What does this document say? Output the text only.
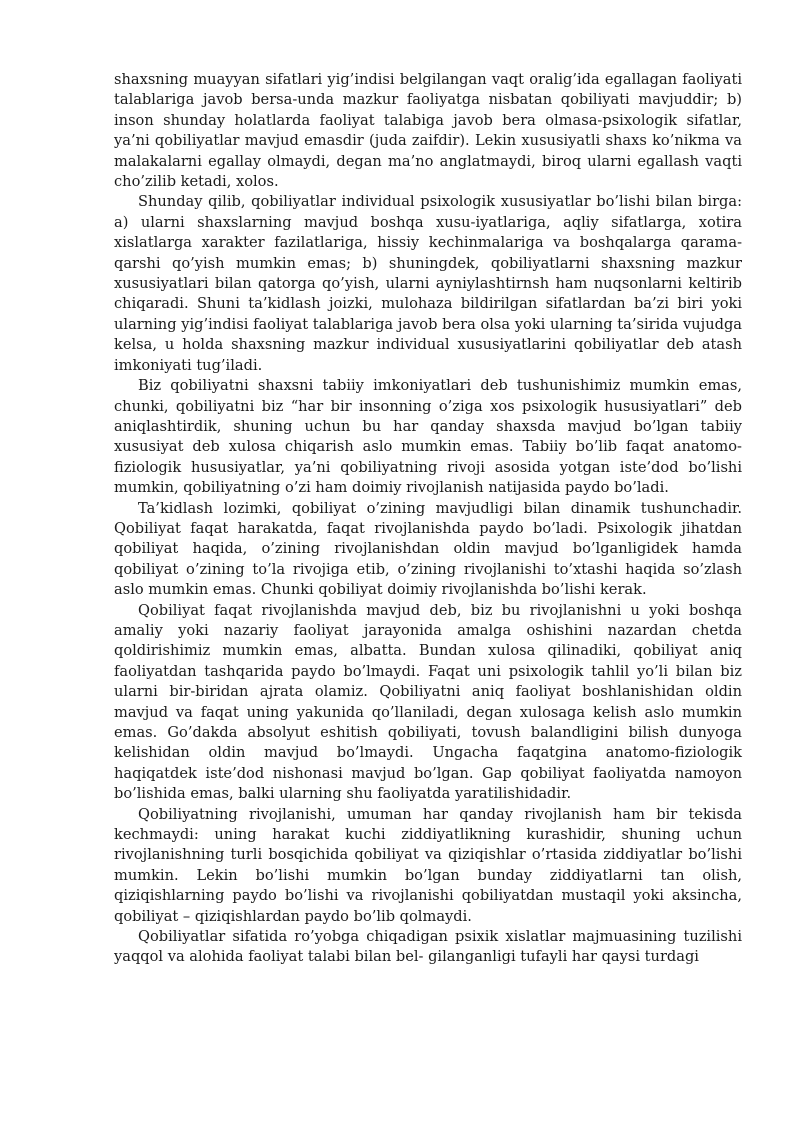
shaxsning muayyan sifatlari yig’indisi belgilangan vaqt oralig’ida egallagan faoliyati talablariga javob bersa-unda mazkur faoliyatga nisbatan qobiliyati mavjuddir; b) inson shunday holatlarda faoliyat talabiga javob bera olmasa-psixologik sifatlar, ya’ni qobiliyatlar mavjud emasdir (juda zaifdir). Lekin xususiyatli shaxs ko’nikma va malakalarni egallay olmaydi, degan ma’no anglatmaydi, biroq ularni egallash vaqti cho’zilib ketadi, xolos.

Shunday qilib, qobiliyatlar individual psixologik xususiyatlar bo’lishi bilan birga: a) ularni shaxslarning mavjud boshqa xusu-iyatlariga, aqliy sifatlarga, xotira xislatlarga xarakter fazilatlariga, hissiy kechinmalariga va boshqalarga qarama-qarshi qo’yish mumkin emas; b) shuningdek, qobiliyatlarni shaxsning mazkur xususiyatlari bilan qatorga qo’yish, ularni ayniylashtirnsh ham nuqsonlarni keltirib chiqaradi. Shuni ta’kidlash joizki, mulohaza bildirilgan sifatlardan ba’zi biri yoki ularning yig’indisi faoliyat talablariga javob bera olsa yoki ularning ta’sirida vujudga kelsa, u holda shaxsning mazkur individual xususiyatlarini qobiliyatlar deb atash imkoniyati tug’iladi.

Biz qobiliyatni shaxsni tabiiy imkoniyatlari deb tushunishimiz mumkin emas, chunki, qobiliyatni biz “har bir insonning o’ziga xos psixologik hususiyatlari” deb aniqlashtirdik, shuning uchun bu har qanday shaxsda mavjud bo’lgan tabiiy xususiyat deb xulosa chiqarish aslo mumkin emas. Tabiiy bo’lib faqat anatomo-fiziologik hususiyatlar, ya’ni qobiliyatning rivoji asosida yotgan iste’dod bo’lishi mumkin, qobiliyatning o’zi ham doimiy rivojlanish natijasida paydo bo’ladi.

Ta’kidlash lozimki, qobiliyat o’zining mavjudligi bilan dinamik tushunchadir. Qobiliyat faqat harakatda, faqat rivojlanishda paydo bo’ladi. Psixologik jihatdan qobiliyat haqida, o’zining rivojlanishdan oldin mavjud bo’lganligidek hamda qobiliyat o’zining to’la rivojiga etib, o’zining rivojlanishi to’xtashi haqida so’zlash aslo mumkin emas. Chunki qobiliyat doimiy rivojlanishda bo’lishi kerak.

Qobiliyat faqat rivojlanishda mavjud deb, biz bu rivojlanishni u yoki boshqa amaliy yoki nazariy faoliyat jarayonida amalga oshishini nazardan chetda qoldirishimiz mumkin emas, albatta. Bundan xulosa qilinadiki, qobiliyat aniq faoliyatdan tashqarida paydo bo’lmaydi. Faqat uni psixologik tahlil yo’li bilan biz ularni bir-biridan ajrata olamiz. Qobiliyatni aniq faoliyat boshlanishidan oldin mavjud va faqat uning yakunida qo’llaniladi, degan xulosaga kelish aslo mumkin emas. Go’dakda absolyut eshitish qobiliyati, tovush balandligini bilish dunyoga kelishidan oldin mavjud bo’lmaydi. Ungacha faqatgina anatomo-fiziologik haqiqatdek iste’dod nishonasi mavjud bo’lgan. Gap qobiliyat faoliyatda namoyon bo’lishida emas, balki ularning shu faoliyatda yaratilishidadir.

Qobiliyatning rivojlanishi, umuman har qanday rivojlanish ham bir tekisda kechmaydi: uning harakat kuchi ziddiyatlikning kurashidir, shuning uchun rivojlanishning turli bosqichida qobiliyat va qiziqishlar o’rtasida ziddiyatlar bo’lishi mumkin. Lekin bo’lishi mumkin bo’lgan bunday ziddiyatlarni tan olish, qiziqishlarning paydo bo’lishi va rivojlanishi qobiliyatdan mustaqil yoki aksincha, qobiliyat – qiziqishlardan paydo bo’lib qolmaydi.

Qobiliyatlar sifatida ro’yobga chiqadigan psixik xislatlar majmuasining tuzilishi yaqqol va alohida faoliyat talabi bilan bel- gilanganligi tufayli har qaysi turdagi
